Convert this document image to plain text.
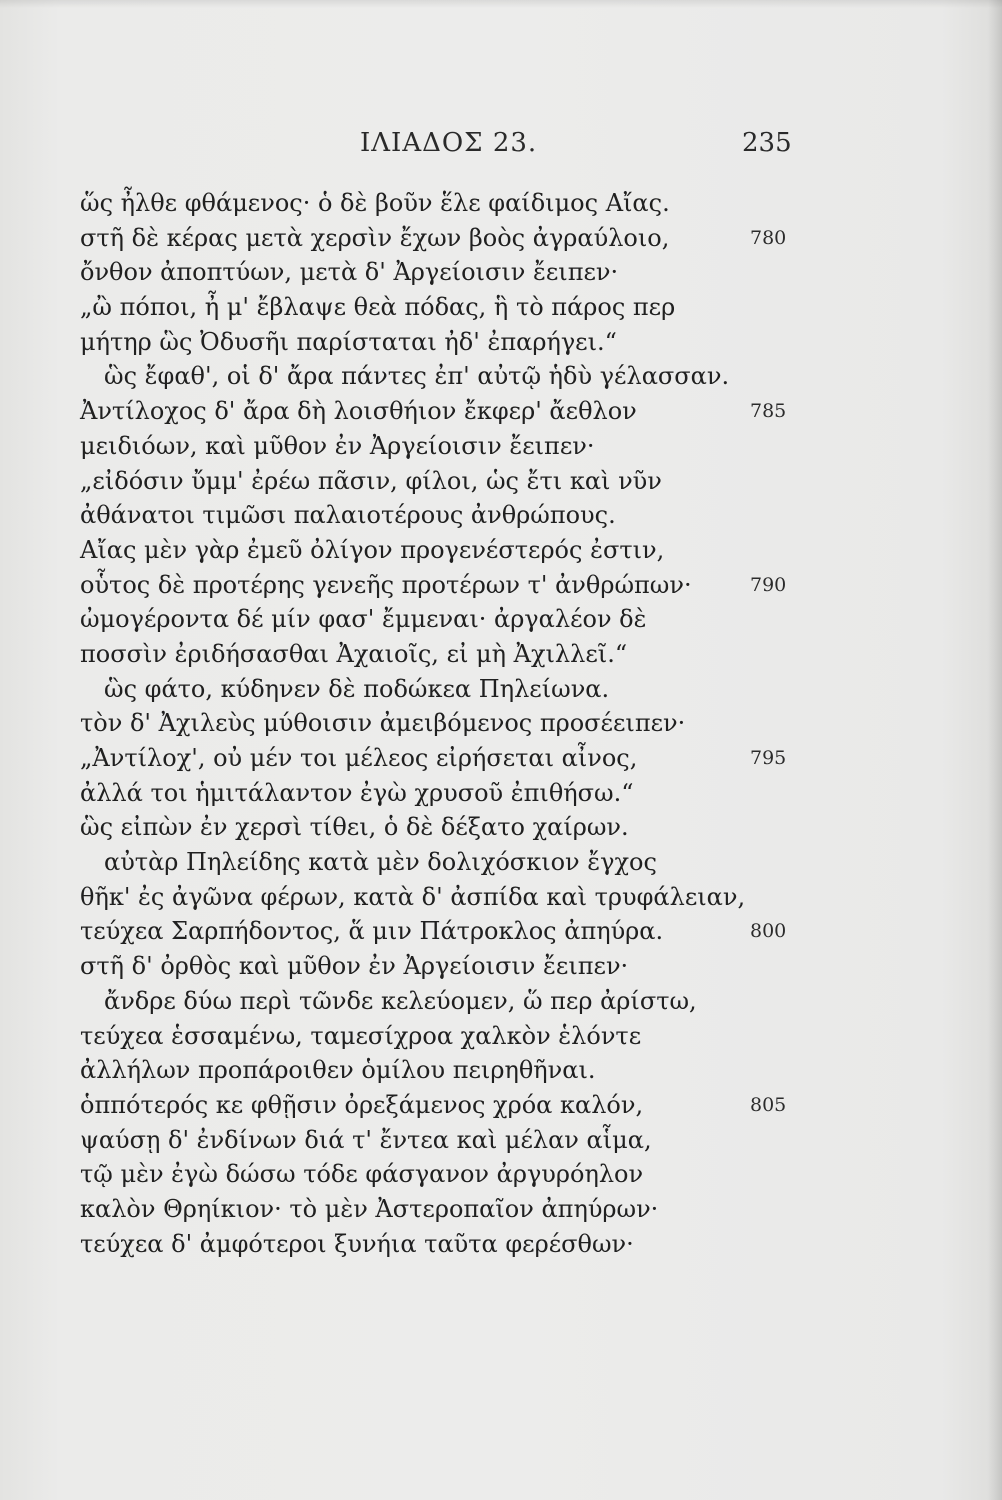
ΙΛΙΑΔΟΣ 23.	235
ὥς ἦλθε φθάμενος· ὁ δὲ βοῦν ἕλε φαίδιμος Αἴας.
στῆ δὲ κέρας μετὰ χερσὶν ἔχων βοὸς ἀγραύλοιο,	780
ὄνθον ἀποπτύων, μετὰ δ' Ἀργείοισιν ἔειπεν·
„ὢ πόποι, ἦ μ' ἔβλαψε θεὰ πόδας, ἣ τὸ πάρος περ
μήτηρ ὣς Ὀδυσῆι παρίσταται ἠδ' ἐπαρήγει.“
ὣς ἔφαθ', οἱ δ' ἄρα πάντες ἐπ' αὐτῷ ἡδὺ γέλασσαν.
Ἀντίλοχος δ' ἄρα δὴ λοισθήιον ἔκφερ' ἄεθλον	785
μειδιόων, καὶ μῦθον ἐν Ἀργείοισιν ἔειπεν·
„εἰδόσιν ὔμμ' ἐρέω πᾶσιν, φίλοι, ὡς ἔτι καὶ νῦν
ἀθάνατοι τιμῶσι παλαιοτέρους ἀνθρώπους.
Αἴας μὲν γὰρ ἐμεῦ ὀλίγον προγενέστερός ἐστιν,
οὗτος δὲ προτέρης γενεῆς προτέρων τ' ἀνθρώπων·	790
ὠμογέροντα δέ μίν φασ' ἔμμεναι· ἀργαλέον δὲ
ποσσὶν ἐριδήσασθαι Ἀχαιοῖς, εἰ μὴ Ἀχιλλεῖ.“
ὣς φάτο, κύδηνεν δὲ ποδώκεα Πηλείωνα.
τὸν δ' Ἀχιλεὺς μύθοισιν ἀμειβόμενος προσέειπεν·
„Ἀντίλοχ', οὐ μέν τοι μέλεος εἰρήσεται αἶνος,	795
ἀλλά τοι ἡμιτάλαντον ἐγὼ χρυσοῦ ἐπιθήσω.“
ὣς εἰπὼν ἐν χερσὶ τίθει, ὁ δὲ δέξατο χαίρων.
αὐτὰρ Πηλείδης κατὰ μὲν δολιχόσκιον ἔγχος
θῆκ' ἐς ἀγῶνα φέρων, κατὰ δ' ἀσπίδα καὶ τρυφάλειαν,
τεύχεα Σαρπήδοντος, ἅ μιν Πάτροκλος ἀπηύρα.	800
στῆ δ' ὀρθὸς καὶ μῦθον ἐν Ἀργείοισιν ἔειπεν·
ἄνδρε δύω περὶ τῶνδε κελεύομεν, ὥ περ ἀρίστω,
τεύχεα ἑσσαμένω, ταμεσίχροα χαλκὸν ἑλόντε
ἀλλήλων προπάροιθεν ὁμίλου πειρηθῆναι.
ὁππότερός κε φθῇσιν ὀρεξάμενος χρόα καλόν,	805
ψαύσῃ δ' ἐνδίνων διά τ' ἔντεα καὶ μέλαν αἷμα,
τῷ μὲν ἐγὼ δώσω τόδε φάσγανον ἀργυρόηλον
καλὸν Θρηίκιον· τὸ μὲν Ἀστεροπαῖον ἀπηύρων·
τεύχεα δ' ἀμφότεροι ξυνήια ταῦτα φερέσθων·
